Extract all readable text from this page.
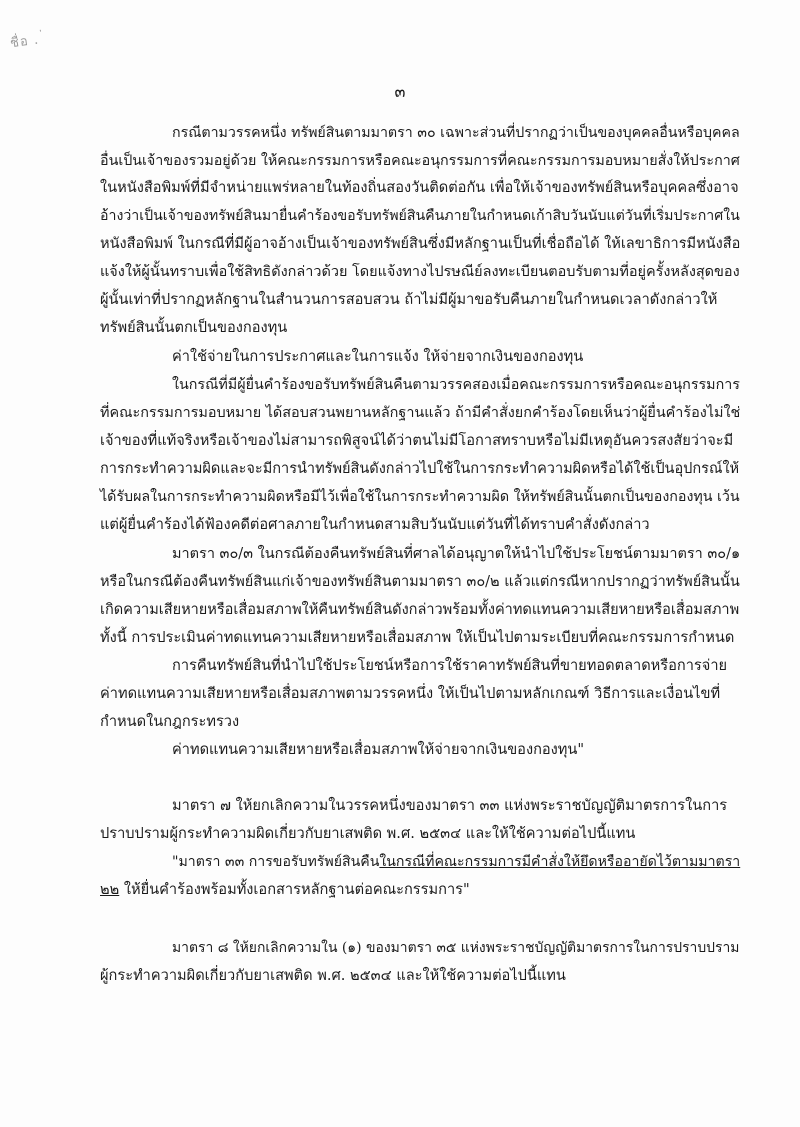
ชื่อ . ่
๓
กรณีตามวรรคหนึ่ง ทรัพย์สินตามมาตรา ๓๐ เฉพาะส่วนที่ปรากฏว่าเป็นของบุคคลอื่นหรือบุคคล
อื่นเป็นเจ้าของรวมอยู่ด้วย ให้คณะกรรมการหรือคณะอนุกรรมการที่คณะกรรมการมอบหมายสั่งให้ประกาศ
ในหนังสือพิมพ์ที่มีจำหน่ายแพร่หลายในท้องถิ่นสองวันติดต่อกัน เพื่อให้เจ้าของทรัพย์สินหรือบุคคลซึ่งอาจ
อ้างว่าเป็นเจ้าของทรัพย์สินมายื่นคำร้องขอรับทรัพย์สินคืนภายในกำหนดเก้าสิบวันนับแต่วันที่เริ่มประกาศใน
หนังสือพิมพ์ ในกรณีที่มีผู้อาจอ้างเป็นเจ้าของทรัพย์สินซึ่งมีหลักฐานเป็นที่เชื่อถือได้ ให้เลขาธิการมีหนังสือ
แจ้งให้ผู้นั้นทราบเพื่อใช้สิทธิดังกล่าวด้วย โดยแจ้งทางไปรษณีย์ลงทะเบียนตอบรับตามที่อยู่ครั้งหลังสุดของ
ผู้นั้นเท่าที่ปรากฏหลักฐานในสำนวนการสอบสวน ถ้าไม่มีผู้มาขอรับคืนภายในกำหนดเวลาดังกล่าวให้
ทรัพย์สินนั้นตกเป็นของกองทุน
ค่าใช้จ่ายในการประกาศและในการแจ้ง ให้จ่ายจากเงินของกองทุน
ในกรณีที่มีผู้ยื่นคำร้องขอรับทรัพย์สินคืนตามวรรคสองเมื่อคณะกรรมการหรือคณะอนุกรรมการ
ที่คณะกรรมการมอบหมาย ได้สอบสวนพยานหลักฐานแล้ว ถ้ามีคำสั่งยกคำร้องโดยเห็นว่าผู้ยื่นคำร้องไม่ใช่
เจ้าของที่แท้จริงหรือเจ้าของไม่สามารถพิสูจน์ได้ว่าตนไม่มีโอกาสทราบหรือไม่มีเหตุอันควรสงสัยว่าจะมี
การกระทำความผิดและจะมีการนำทรัพย์สินดังกล่าวไปใช้ในการกระทำความผิดหรือได้ใช้เป็นอุปกรณ์ให้
ได้รับผลในการกระทำความผิดหรือมีไว้เพื่อใช้ในการกระทำความผิด ให้ทรัพย์สินนั้นตกเป็นของกองทุน เว้น
แต่ผู้ยื่นคำร้องได้ฟ้องคดีต่อศาลภายในกำหนดสามสิบวันนับแต่วันที่ได้ทราบคำสั่งดังกล่าว
มาตรา ๓๐/๓ ในกรณีต้องคืนทรัพย์สินที่ศาลได้อนุญาตให้นำไปใช้ประโยชน์ตามมาตรา ๓๐/๑
หรือในกรณีต้องคืนทรัพย์สินแก่เจ้าของทรัพย์สินตามมาตรา ๓๐/๒ แล้วแต่กรณีหากปรากฏว่าทรัพย์สินนั้น
เกิดความเสียหายหรือเสื่อมสภาพให้คืนทรัพย์สินดังกล่าวพร้อมทั้งค่าทดแทนความเสียหายหรือเสื่อมสภาพ
ทั้งนี้ การประเมินค่าทดแทนความเสียหายหรือเสื่อมสภาพ ให้เป็นไปตามระเบียบที่คณะกรรมการกำหนด
การคืนทรัพย์สินที่นำไปใช้ประโยชน์หรือการใช้ราคาทรัพย์สินที่ขายทอดตลาดหรือการจ่าย
ค่าทดแทนความเสียหายหรือเสื่อมสภาพตามวรรคหนึ่ง ให้เป็นไปตามหลักเกณฑ์ วิธีการและเงื่อนไขที่
กำหนดในกฎกระทรวง
ค่าทดแทนความเสียหายหรือเสื่อมสภาพให้จ่ายจากเงินของกองทุน"
มาตรา ๗ ให้ยกเลิกความในวรรคหนึ่งของมาตรา ๓๓ แห่งพระราชบัญญัติมาตรการในการ
ปราบปรามผู้กระทำความผิดเกี่ยวกับยาเสพติด พ.ศ. ๒๕๓๔ และให้ใช้ความต่อไปนี้แทน
"มาตรา ๓๓ การขอรับทรัพย์สินคืนในกรณีที่คณะกรรมการมีคำสั่งให้ยึดหรืออายัดไว้ตามมาตรา
๒๒ ให้ยื่นคำร้องพร้อมทั้งเอกสารหลักฐานต่อคณะกรรมการ"
มาตรา ๘ ให้ยกเลิกความใน (๑) ของมาตรา ๓๕ แห่งพระราชบัญญัติมาตรการในการปราบปราม
ผู้กระทำความผิดเกี่ยวกับยาเสพติด พ.ศ. ๒๕๓๔ และให้ใช้ความต่อไปนี้แทน
